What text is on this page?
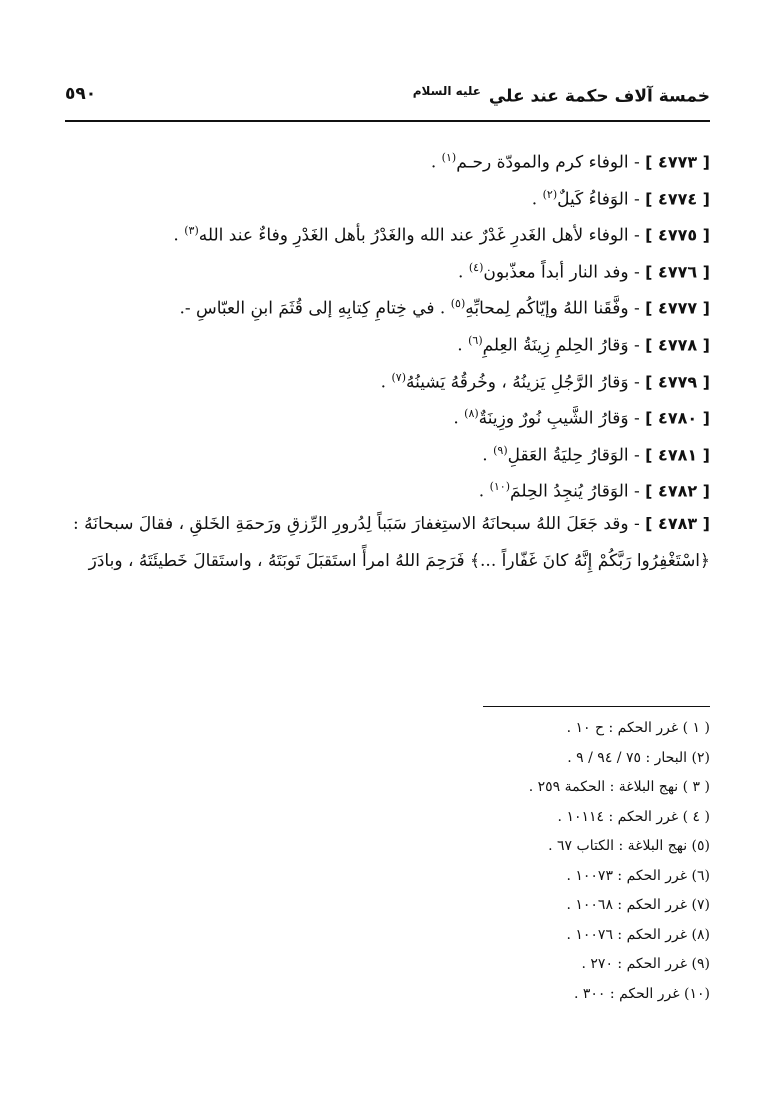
خمسة آلاف حكمة عند علي $^{عليه السلام}$
٥٩٠
[ ٤٧٧٣ ] - الوفاء كرم والمودّة رحـم$^{(١)}$ .
[ ٤٧٧٤ ] - الوَفاءُ كَيلٌ$^{(٢)}$ .
[ ٤٧٧٥ ] - الوفاء لأهل الغَدرِ غَدْرٌ عند الله والغَدْرُ بأهل الغَدْرِ وفاءٌ عند الله$^{(٣)}$ .
[ ٤٧٧٦ ] - وفد النار أبداً معذّبون$^{(٤)}$ .
[ ٤٧٧٧ ] - وفَّقَنا اللهُ وإيّاكُم لِمحابِّهِ$^{(٥)}$ . في خِتامِ كِتابِهِ إلى قُثَمَ ابنِ العبّاسِ -.
[ ٤٧٧٨ ] - وَقارُ الحِلمِ زِينَةُ العِلمِ$^{(٦)}$ .
[ ٤٧٧٩ ] - وَقارُ الرَّجُلِ يَزينُهُ ، وخُرقُهُ يَشينُهُ$^{(٧)}$ .
[ ٤٧٨٠ ] - وَقارُ الشَّيبِ نُورٌ وزِينَةٌ$^{(٨)}$ .
[ ٤٧٨١ ] - الوَقارُ حِليَةُ العَقلِ$^{(٩)}$ .
[ ٤٧٨٢ ] - الوَقارُ يُنجِدُ الحِلمَ$^{(١٠)}$ .
[ ٤٧٨٣ ] - وقد جَعَلَ اللهُ سبحانَهُ الاستِغفارَ سَبَباً لِدُرورِ الرِّزقِ ورَحمَةِ الخَلقِ ، فقالَ سبحانَهُ :
﴿اسْتَغْفِرُوا رَبَّكُمْ إِنَّهُ كانَ غَفّاراً ...﴾ فَرَحِمَ اللهُ امرأً استَقبَلَ تَوبَتَهُ ، واستَقالَ خَطيئَتَهُ ، وبادَرَ
( ١ ) غرر الحكم : ح ١٠ .
(٢) البحار : ٧٥ / ٩٤ / ٩ .
( ٣ ) نهج البلاغة : الحكمة ٢٥٩ .
( ٤ ) غرر الحكم : ١٠١١٤ .
(٥) نهج البلاغة : الكتاب ٦٧ .
(٦) غرر الحكم : ١٠٠٧٣ .
(٧) غرر الحكم : ١٠٠٦٨ .
(٨) غرر الحكم : ١٠٠٧٦ .
(٩) غرر الحكم : ٢٧٠ .
(١٠) غرر الحكم : ٣٠٠ .
